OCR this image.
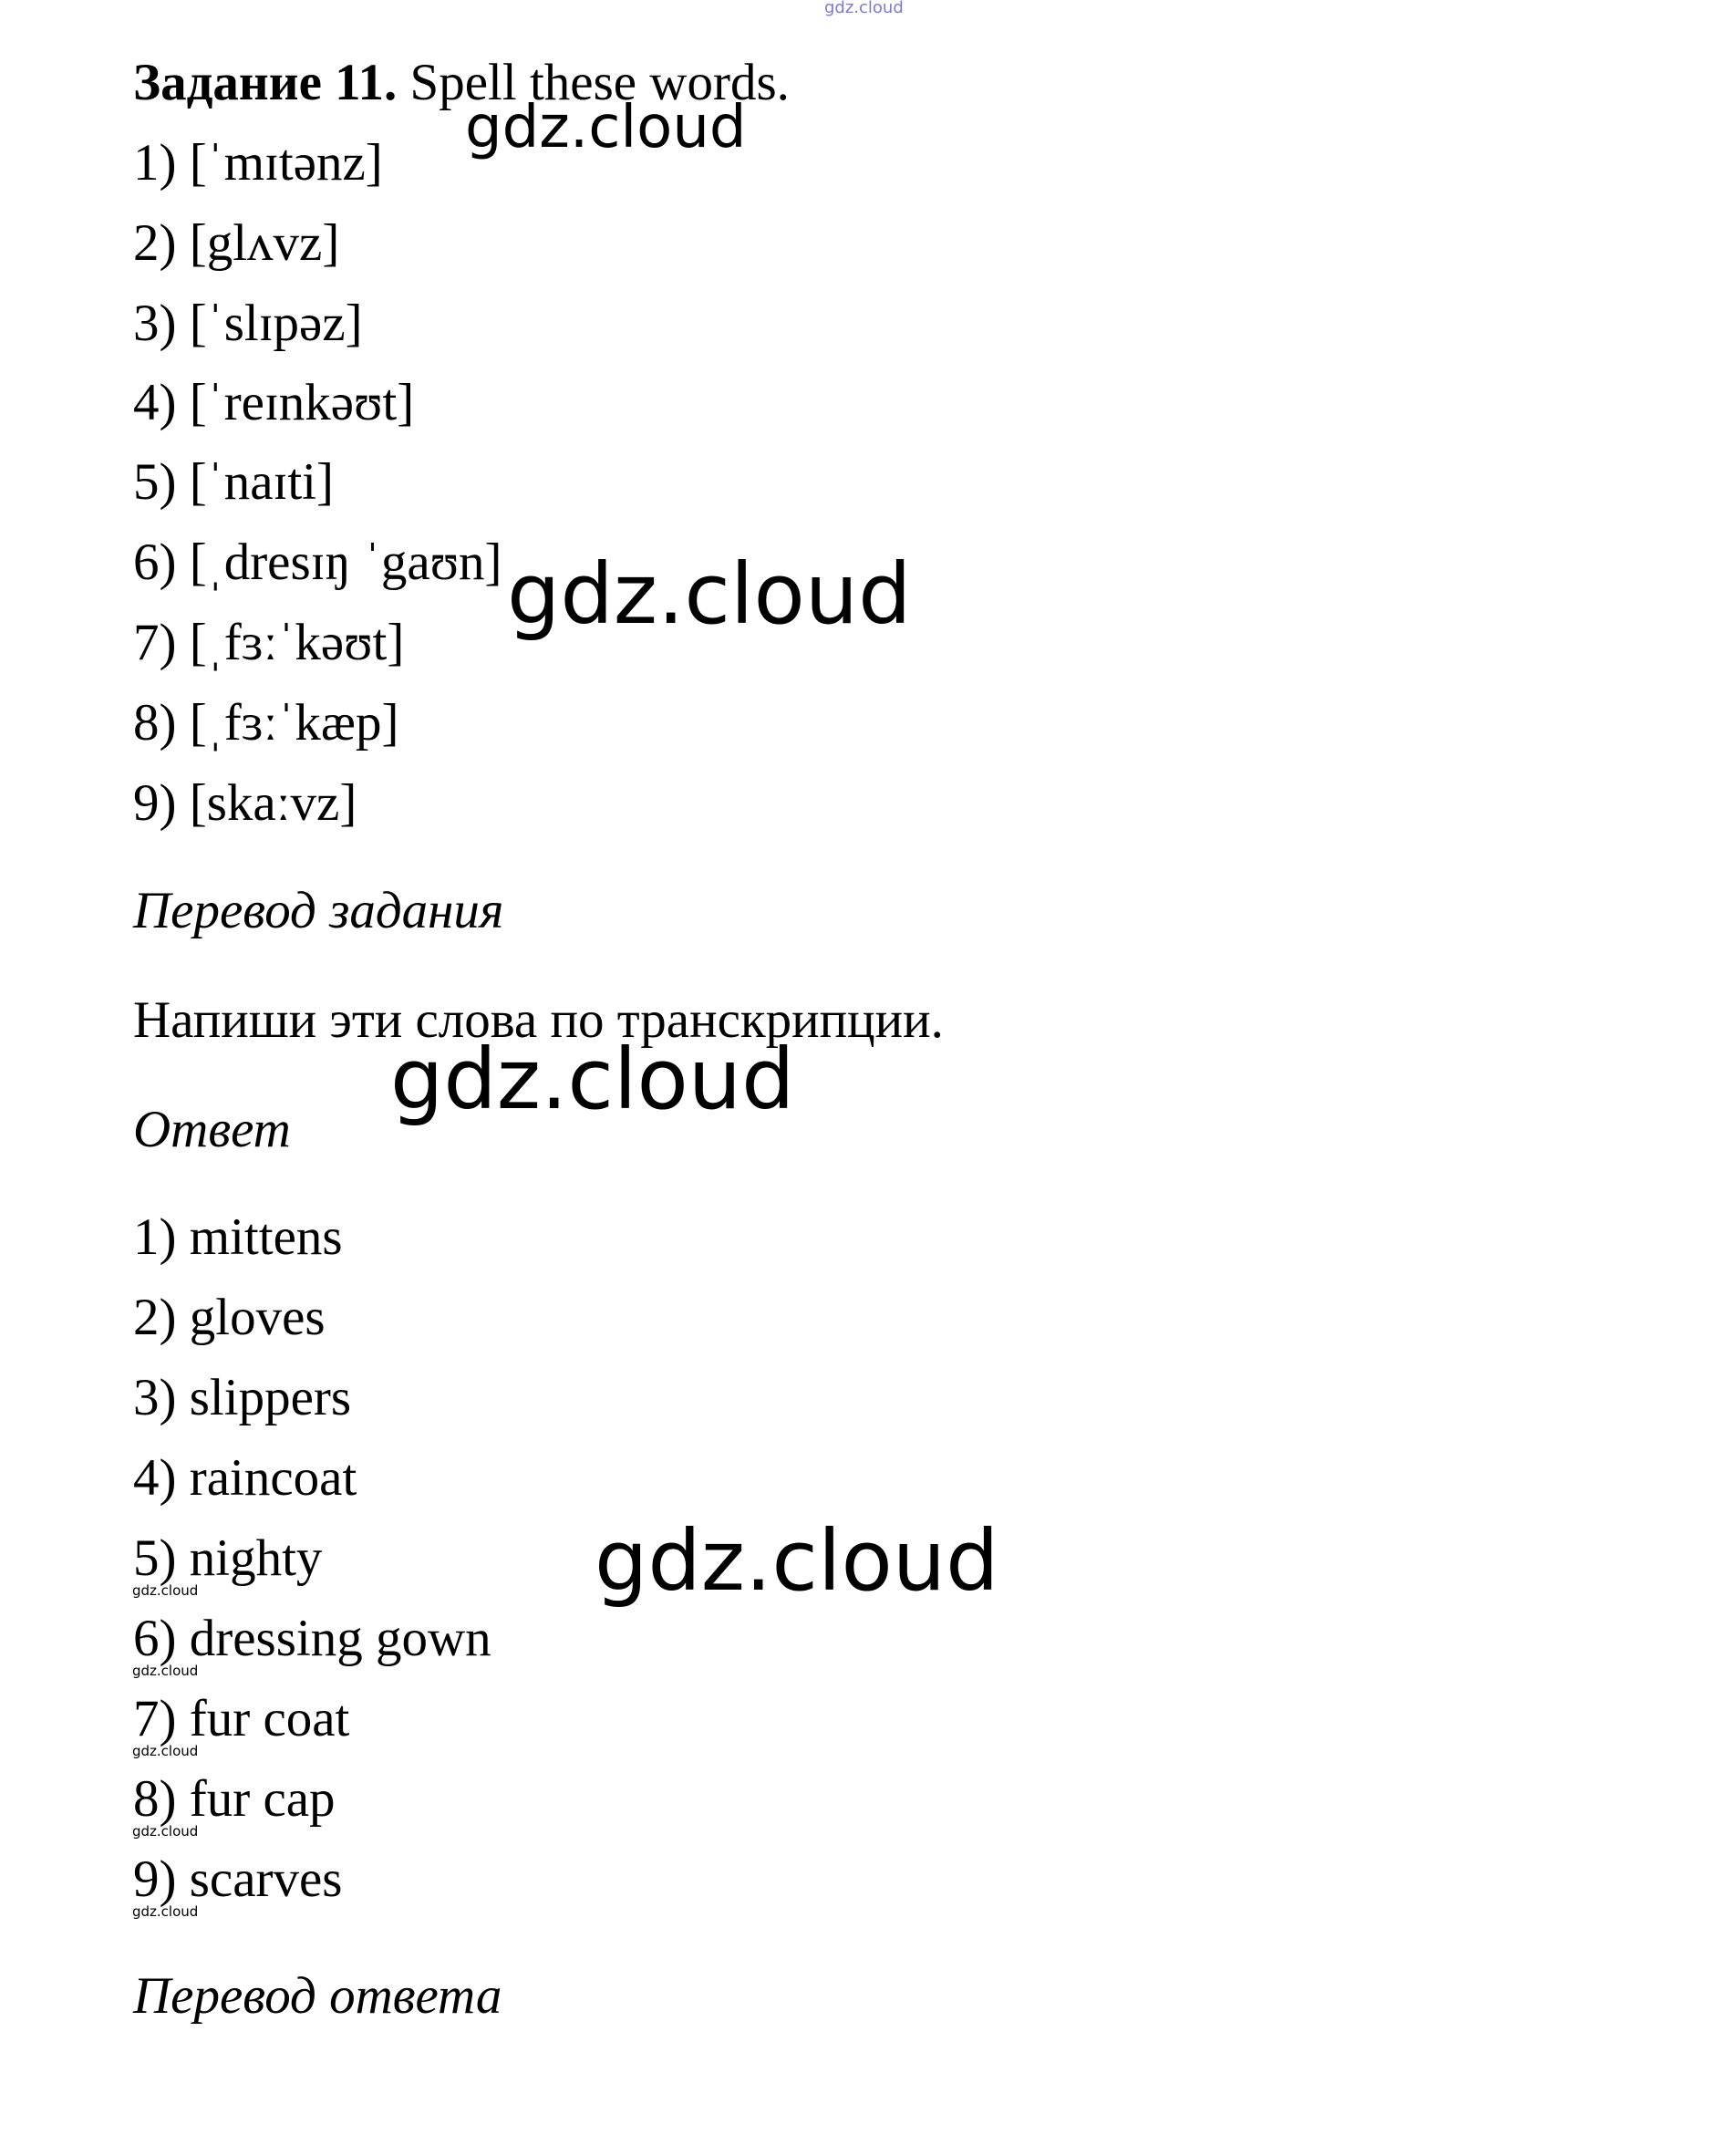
gdz.cloud
Задание 11. Spell these words.
1) [ˈmɪtənz]
2) [glʌvz]
3) [ˈslɪpəz]
4) [ˈreɪnkəʊt]
5) [ˈnaɪti]
6) [ˌdresɪŋ ˈgaʊn]
7) [ˌfɜːˈkəʊt]
8) [ˌfɜːˈkæp]
9) [skaːvz]
Перевод задания
Напиши эти слова по транскрипции.
Ответ
1) mittens
2) gloves
3) slippers
4) raincoat
5) nighty
6) dressing gown
7) fur coat
8) fur cap
9) scarves
Перевод ответа
gdz.cloud
gdz.cloud
gdz.cloud
gdz.cloud
gdz.cloud
gdz.cloud
gdz.cloud
gdz.cloud
gdz.cloud
